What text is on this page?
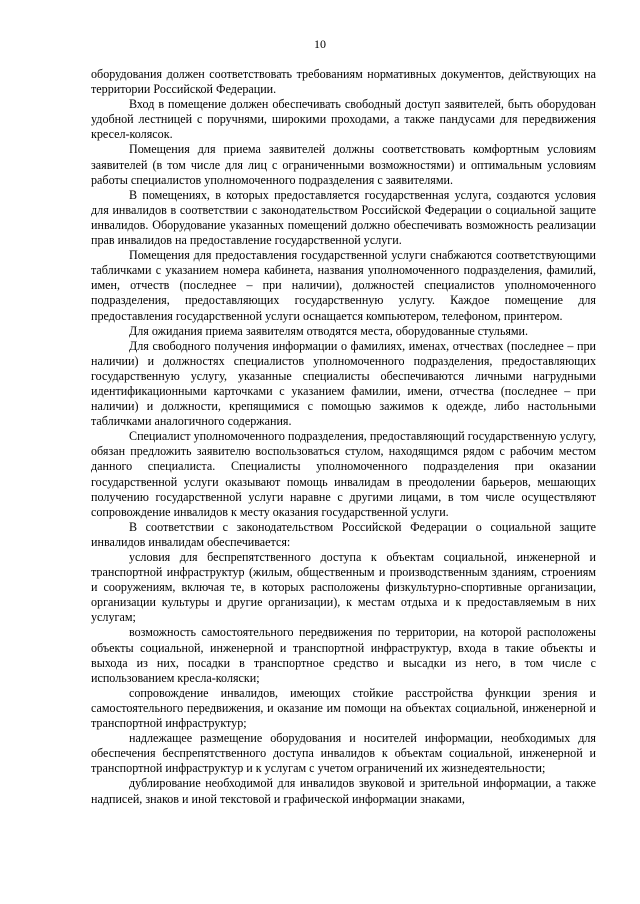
10

оборудования должен соответствовать требованиям нормативных документов, действующих на территории Российской Федерации.

Вход в помещение должен обеспечивать свободный доступ заявителей, быть оборудован удобной лестницей с поручнями, широкими проходами, а также пандусами для передвижения кресел-колясок.

Помещения для приема заявителей должны соответствовать комфортным условиям заявителей (в том числе для лиц с ограниченными возможностями) и оптимальным условиям работы специалистов уполномоченного подразделения с заявителями.

В помещениях, в которых предоставляется государственная услуга, создаются условия для инвалидов в соответствии с законодательством Российской Федерации о социальной защите инвалидов. Оборудование указанных помещений должно обеспечивать возможность реализации прав инвалидов на предоставление государственной услуги.

Помещения для предоставления государственной услуги снабжаются соответствующими табличками с указанием номера кабинета, названия уполномоченного подразделения, фамилий, имен, отчеств (последнее – при наличии), должностей специалистов уполномоченного подразделения, предоставляющих государственную услугу. Каждое помещение для предоставления государственной услуги оснащается компьютером, телефоном, принтером.

Для ожидания приема заявителям отводятся места, оборудованные стульями.

Для свободного получения информации о фамилиях, именах, отчествах (последнее – при наличии) и должностях специалистов уполномоченного подразделения, предоставляющих государственную услугу, указанные специалисты обеспечиваются личными нагрудными идентификационными карточками с указанием фамилии, имени, отчества (последнее – при наличии) и должности, крепящимися с помощью зажимов к одежде, либо настольными табличками аналогичного содержания.

Специалист уполномоченного подразделения, предоставляющий государственную услугу, обязан предложить заявителю воспользоваться стулом, находящимся рядом с рабочим местом данного специалиста. Специалисты уполномоченного подразделения при оказании государственной услуги оказывают помощь инвалидам в преодолении барьеров, мешающих получению государственной услуги наравне с другими лицами, в том числе осуществляют сопровождение инвалидов к месту оказания государственной услуги.

В соответствии с законодательством Российской Федерации о социальной защите инвалидов инвалидам обеспечивается:

условия для беспрепятственного доступа к объектам социальной, инженерной и транспортной инфраструктур (жилым, общественным и производственным зданиям, строениям и сооружениям, включая те, в которых расположены физкультурно-спортивные организации, организации культуры и другие организации), к местам отдыха и к предоставляемым в них услугам;

возможность самостоятельного передвижения по территории, на которой расположены объекты социальной, инженерной и транспортной инфраструктур, входа в такие объекты и выхода из них, посадки в транспортное средство и высадки из него, в том числе с использованием кресла-коляски;

сопровождение инвалидов, имеющих стойкие расстройства функции зрения и самостоятельного передвижения, и оказание им помощи на объектах социальной, инженерной и транспортной инфраструктур;

надлежащее размещение оборудования и носителей информации, необходимых для обеспечения беспрепятственного доступа инвалидов к объектам социальной, инженерной и транспортной инфраструктур и к услугам с учетом ограничений их жизнедеятельности;

дублирование необходимой для инвалидов звуковой и зрительной информации, а также надписей, знаков и иной текстовой и графической информации знаками,
